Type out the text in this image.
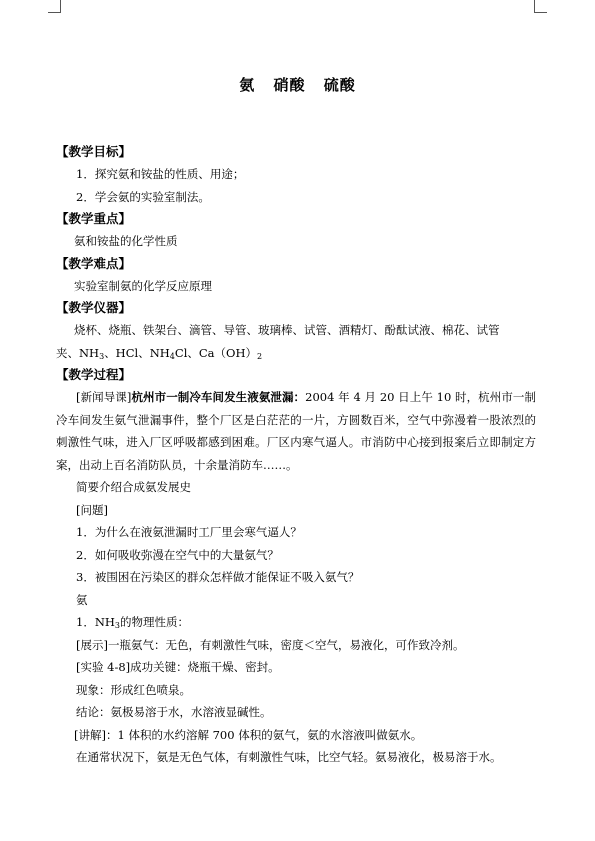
氨 硝酸 硫酸
【教学目标】
1．探究氨和铵盐的性质、用途；
2．学会氨的实验室制法。
【教学重点】
氨和铵盐的化学性质
【教学难点】
实验室制氨的化学反应原理
【教学仪器】
烧杯、烧瓶、铁架台、滴管、导管、玻璃棒、试管、酒精灯、酚酞试液、棉花、试管
夹、$NH_3$、HCl、$NH_4Cl$、$Ca(OH)_2$
【教学过程】
[新闻导课]杭州市一制冷车间发生液氨泄漏：2004 年 4 月 20 日上午 10 时，杭州市一制冷车间发生氨气泄漏事件，整个厂区是白茫茫的一片，方圆数百米，空气中弥漫着一股浓烈的刺激性气味，进入厂区呼吸都感到困难。厂区内寒气逼人。市消防中心接到报案后立即制定方案，出动上百名消防队员，十余量消防车……。
简要介绍合成氨发展史
[问题]
1．为什么在液氨泄漏时工厂里会寒气逼人？
2．如何吸收弥漫在空气中的大量氨气？
3．被围困在污染区的群众怎样做才能保证不吸入氨气？
氨
1．$NH_3$的物理性质：
[展示]一瓶氨气：无色，有刺激性气味，密度＜空气，易液化，可作致冷剂。
[实验 4-8]成功关键：烧瓶干燥、密封。
现象：形成红色喷泉。
结论：氨极易溶于水，水溶液显碱性。
[讲解]：1 体积的水约溶解 700 体积的氨气，氨的水溶液叫做氨水。
在通常状况下，氨是无色气体，有刺激性气味，比空气轻。氨易液化，极易溶于水。
